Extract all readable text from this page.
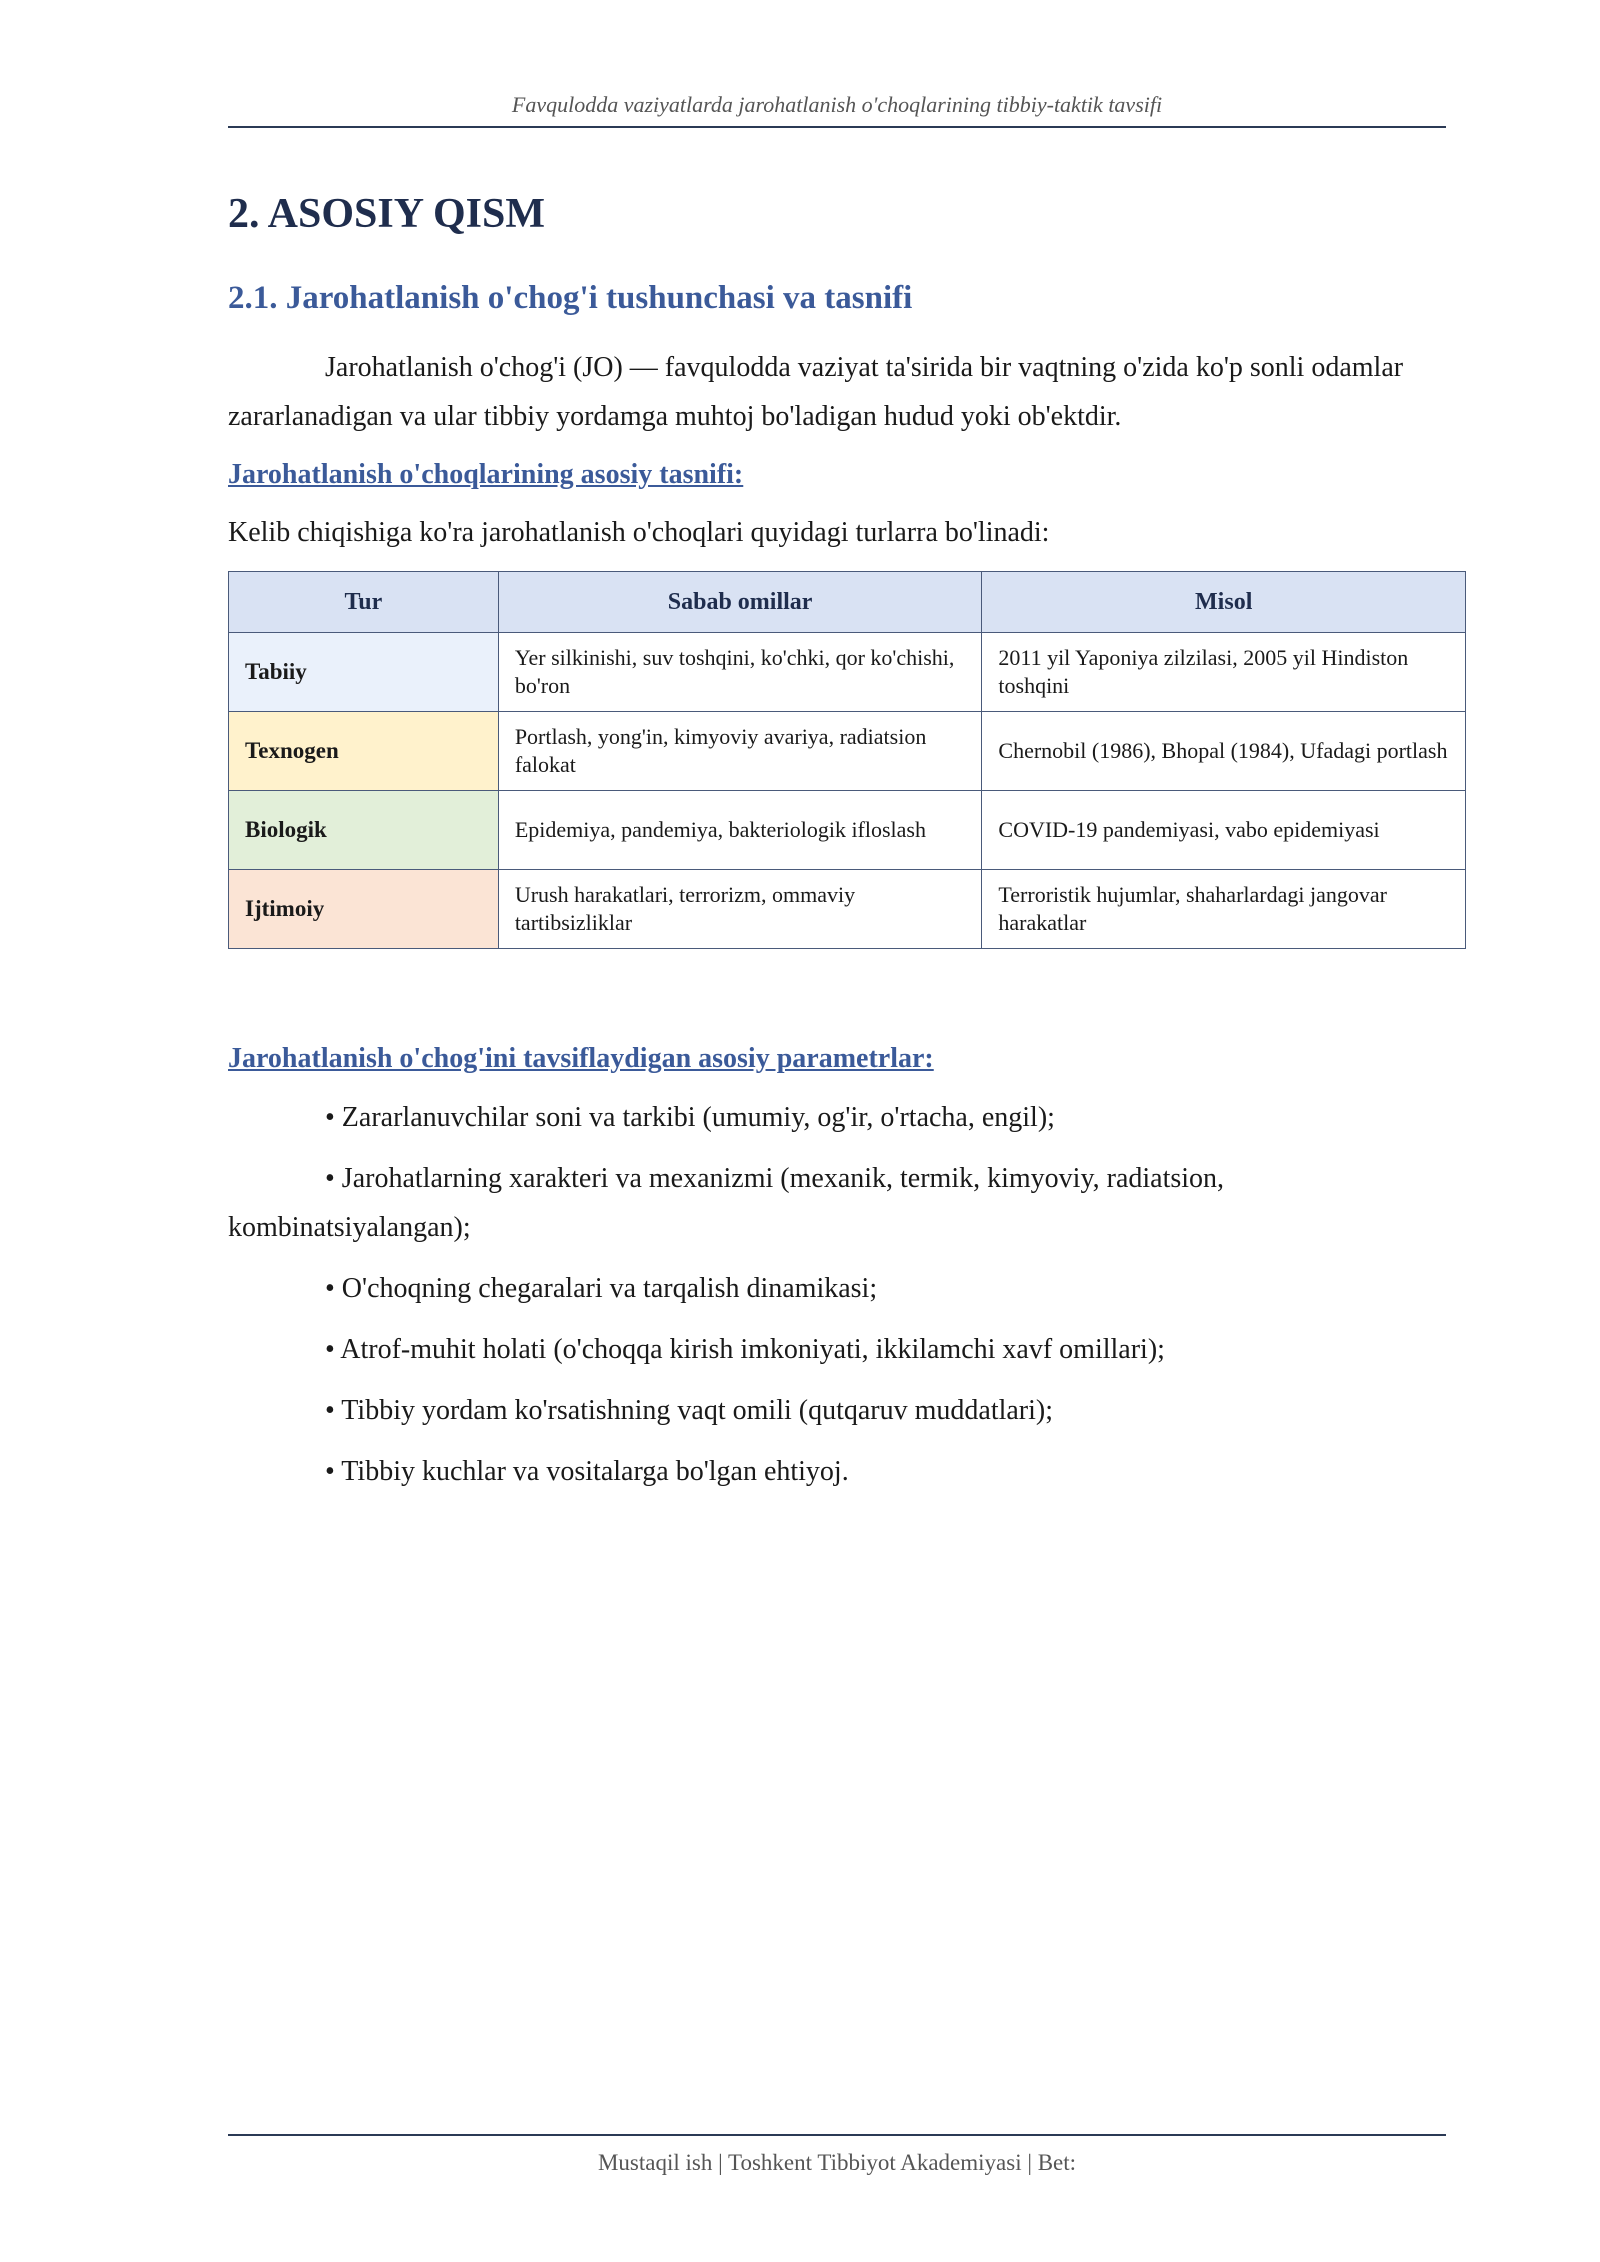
Favqulodda vaziyatlarda jarohatlanish o'choqlarining tibbiy-taktik tavsifi
2. ASOSIY QISM
2.1. Jarohatlanish o'chog'i tushunchasi va tasnifi

Jarohatlanish o'chog'i (JO) — favqulodda vaziyat ta'sirida bir vaqtning o'zida ko'p sonli odamlar zararlanadigan va ular tibbiy yordamga muhtoj bo'ladigan hudud yoki ob'ektdir.

Jarohatlanish o'choqlarining asosiy tasnifi:

Kelib chiqishiga ko'ra jarohatlanish o'choqlari quyidagi turlarra bo'linadi:

Tur	Sabab omillar	Misol
Tabiiy	Yer silkinishi, suv toshqini, ko'chki, qor ko'chishi, bo'ron	2011 yil Yaponiya zilzilasi, 2005 yil Hindiston toshqini
Texnogen	Portlash, yong'in, kimyoviy avariya, radiatsion falokat	Chernobil (1986), Bhopal (1984), Ufadagi portlash
Biologik	Epidemiya, pandemiya, bakteriologik ifloslash	COVID-19 pandemiyasi, vabo epidemiyasi
Ijtimoiy	Urush harakatlari, terrorizm, ommaviy tartibsizliklar	Terroristik hujumlar, shaharlardagi jangovar harakatlar
Jarohatlanish o'chog'ini tavsiflaydigan asosiy parametrlar:
• Zararlanuvchilar soni va tarkibi (umumiy, og'ir, o'rtacha, engil);
• Jarohatlarning xarakteri va mexanizmi (mexanik, termik, kimyoviy, radiatsion, kombinatsiyalangan);
• O'choqning chegaralari va tarqalish dinamikasi;
• Atrof-muhit holati (o'choqqa kirish imkoniyati, ikkilamchi xavf omillari);
• Tibbiy yordam ko'rsatishning vaqt omili (qutqaruv muddatlari);
• Tibbiy kuchlar va vositalarga bo'lgan ehtiyoj.
Mustaqil ish | Toshkent Tibbiyot Akademiyasi | Bet:
